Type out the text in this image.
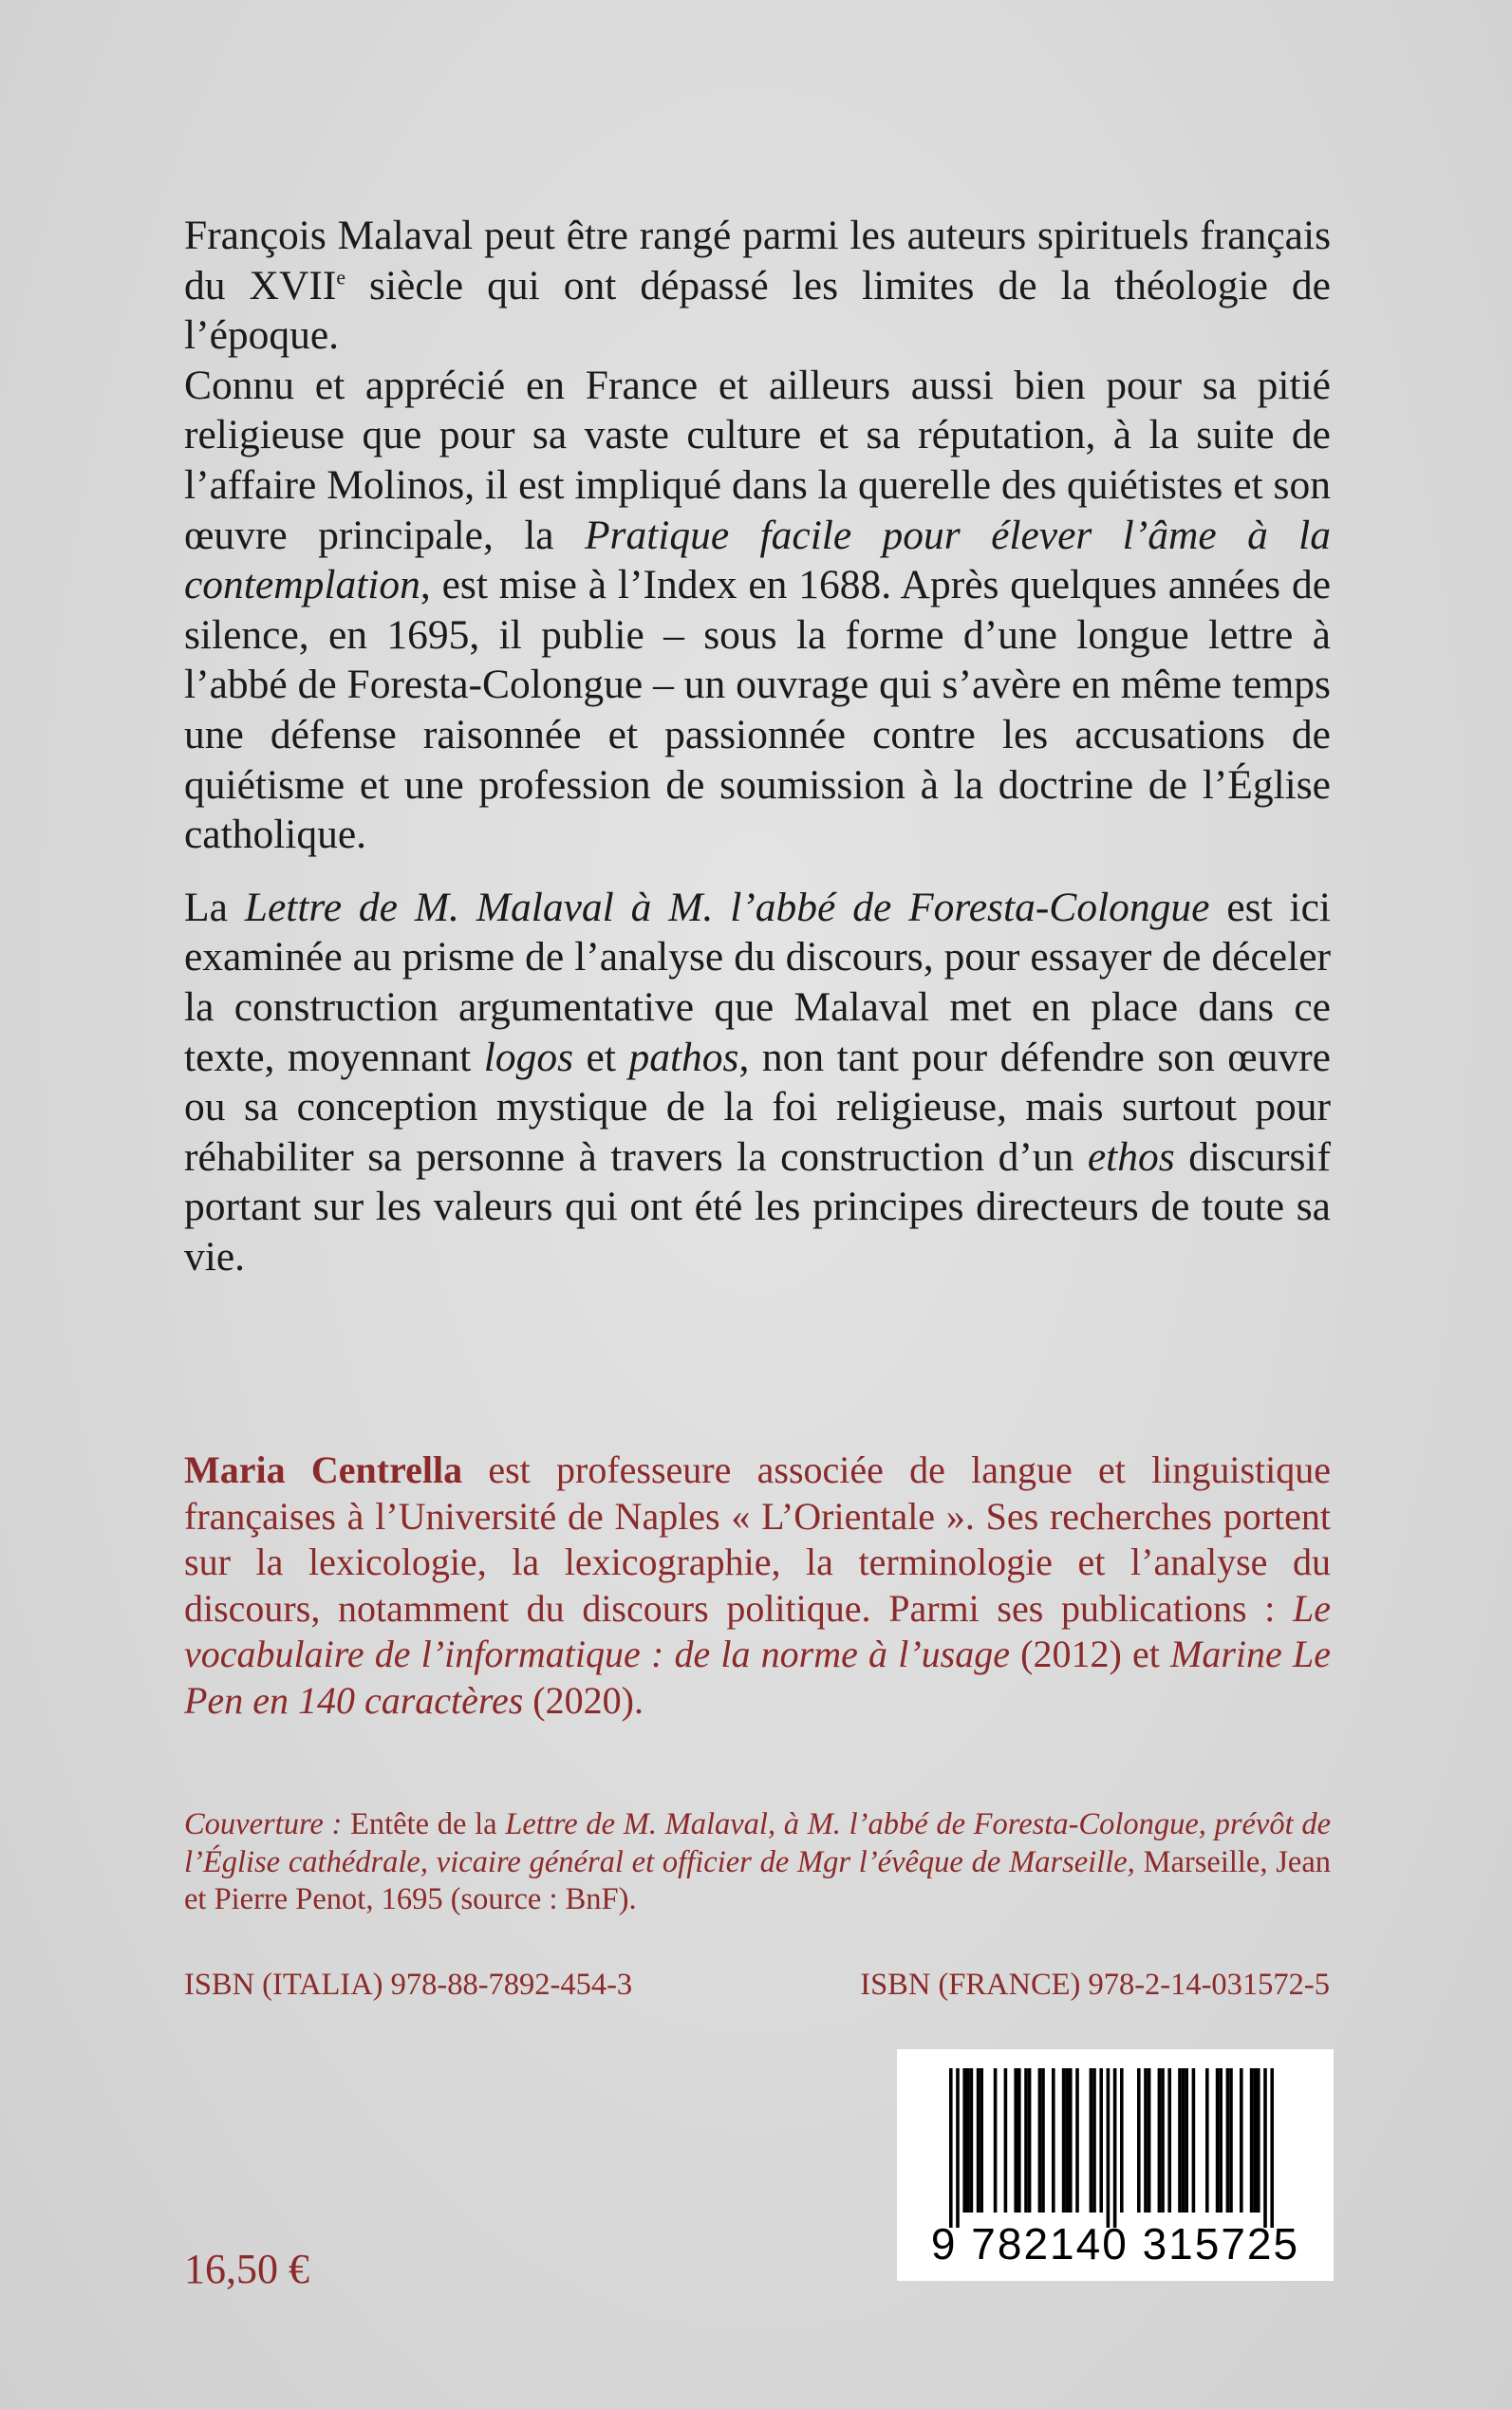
François Malaval peut être rangé parmi les auteurs spirituels français du XVIIe siècle qui ont dépassé les limites de la théologie de l’époque.

Connu et apprécié en France et ailleurs aussi bien pour sa pitié religieuse que pour sa vaste culture et sa réputation, à la suite de l’affaire Molinos, il est impliqué dans la querelle des quiétistes et son œuvre principale, la Pratique facile pour élever l’âme à la contemplation, est mise à l’Index en 1688. Après quelques années de silence, en 1695, il publie – sous la forme d’une longue lettre à l’abbé de Foresta-Colongue – un ouvrage qui s’avère en même temps une défense raisonnée et passionnée contre les accusations de quiétisme et une profession de soumission à la doctrine de l’Église catholique.

La Lettre de M. Malaval à M. l’abbé de Foresta-Colongue est ici examinée au prisme de l’analyse du discours, pour essayer de déceler la construction argumentative que Malaval met en place dans ce texte, moyennant logos et pathos, non tant pour défendre son œuvre ou sa conception mystique de la foi religieuse, mais surtout pour réhabiliter sa personne à travers la construction d’un ethos discursif portant sur les valeurs qui ont été les principes directeurs de toute sa vie.

Maria Centrella est professeure associée de langue et linguistique françaises à l’Université de Naples « L’Orientale ». Ses recherches portent sur la lexicologie, la lexicographie, la terminologie et l’analyse du discours, notamment du discours politique. Parmi ses publications : Le vocabulaire de l’informatique : de la norme à l’usage (2012) et Marine Le Pen en 140 caractères (2020).
Couverture : Entête de la Lettre de M. Malaval, à M. l’abbé de Foresta-Colongue, prévôt de l’Église cathédrale, vicaire général et officier de Mgr l’évêque de Marseille, Marseille, Jean et Pierre Penot, 1695 (source : BnF).
ISBN (ITALIA) 978-88-7892-454-3	ISBN (FRANCE) 978-2-14-031572-5
9 782140 315725
16,50 €
